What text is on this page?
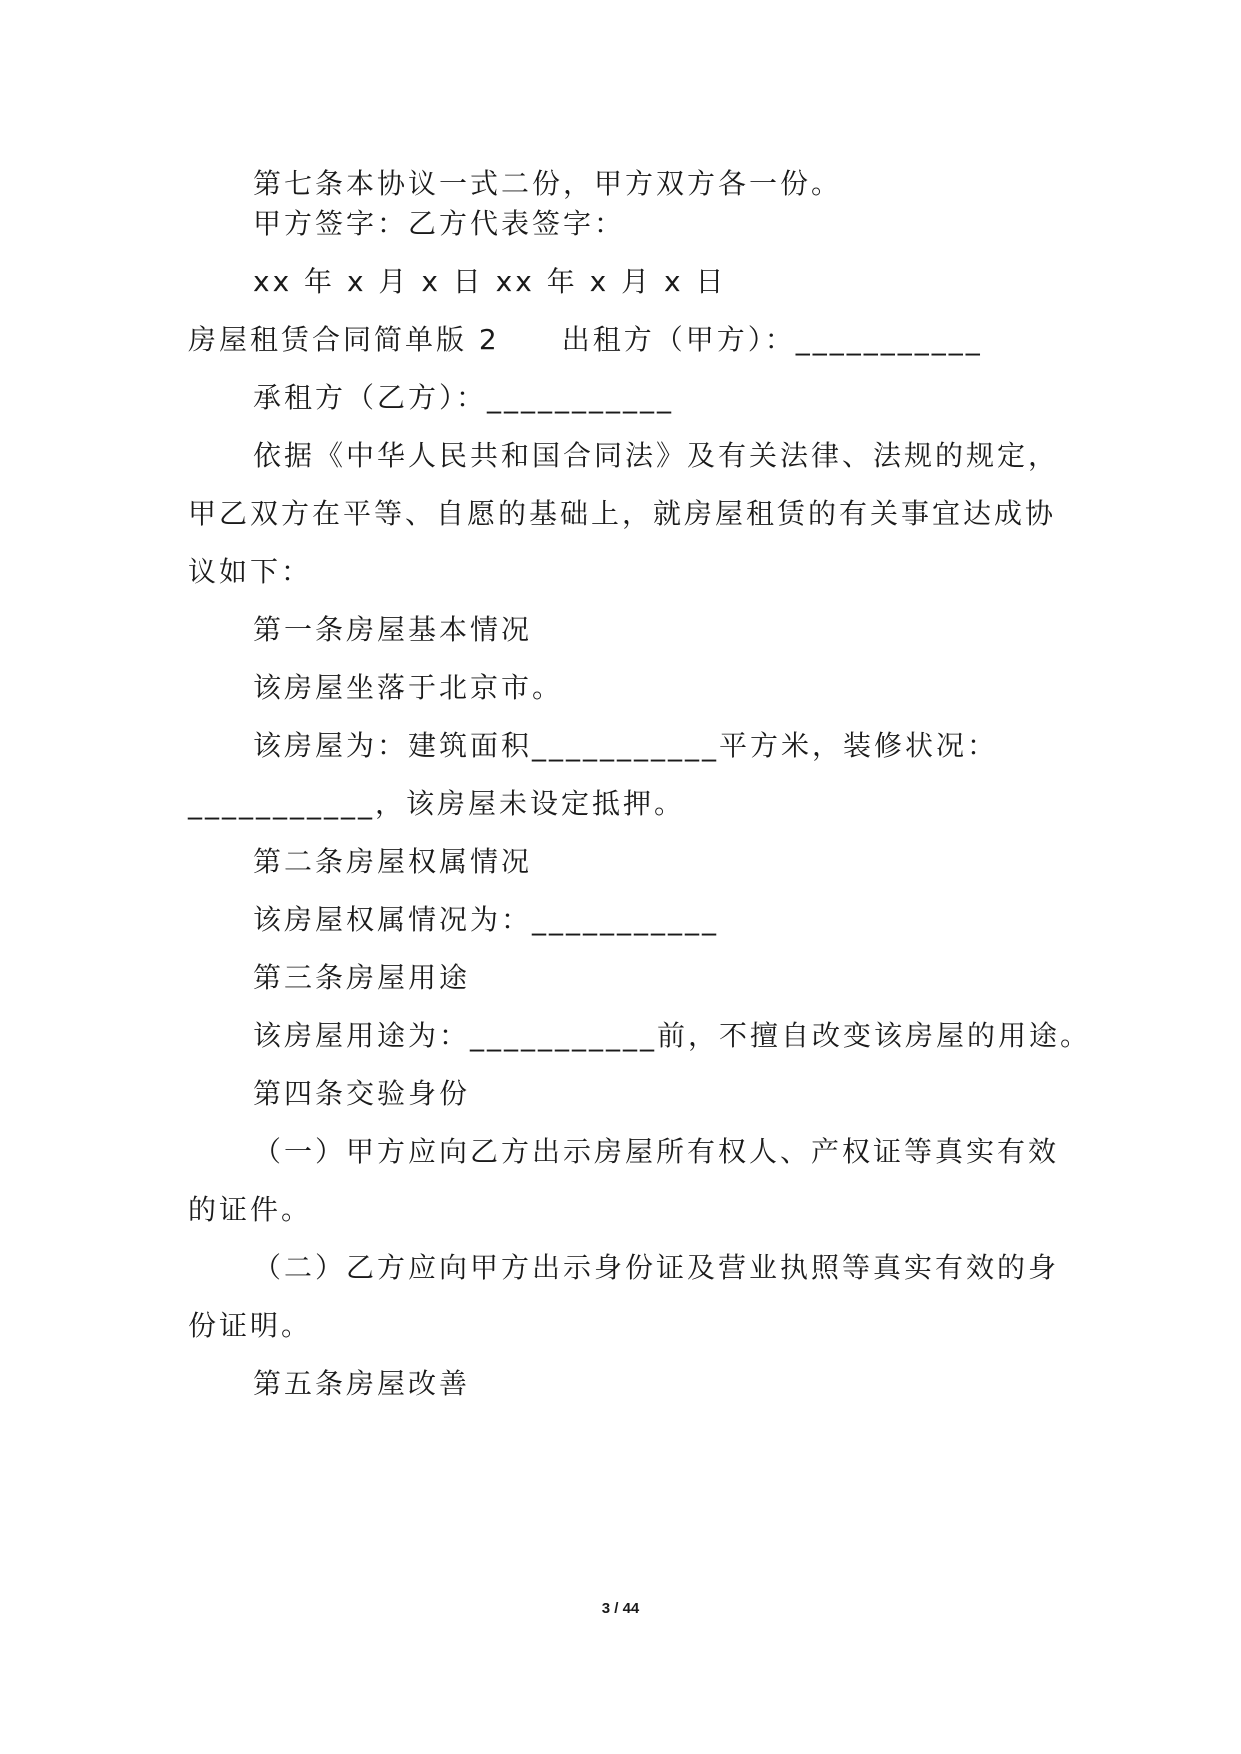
第七条本协议一式二份，甲方双方各一份。
甲方签字：乙方代表签字：
xx 年 x 月 x 日 xx 年 x 月 x 日
房屋租赁合同简单版 2　　出租方（甲方）：___________
承租方（乙方）：___________
依据《中华人民共和国合同法》及有关法律、法规的规定，
甲乙双方在平等、自愿的基础上，就房屋租赁的有关事宜达成协
议如下：
第一条房屋基本情况
该房屋坐落于北京市。
该房屋为：建筑面积___________平方米，装修状况：
___________，该房屋未设定抵押。
第二条房屋权属情况
该房屋权属情况为：___________
第三条房屋用途
该房屋用途为：___________前，不擅自改变该房屋的用途。
第四条交验身份
（一）甲方应向乙方出示房屋所有权人、产权证等真实有效
的证件。
（二）乙方应向甲方出示身份证及营业执照等真实有效的身
份证明。
第五条房屋改善
3 / 44
